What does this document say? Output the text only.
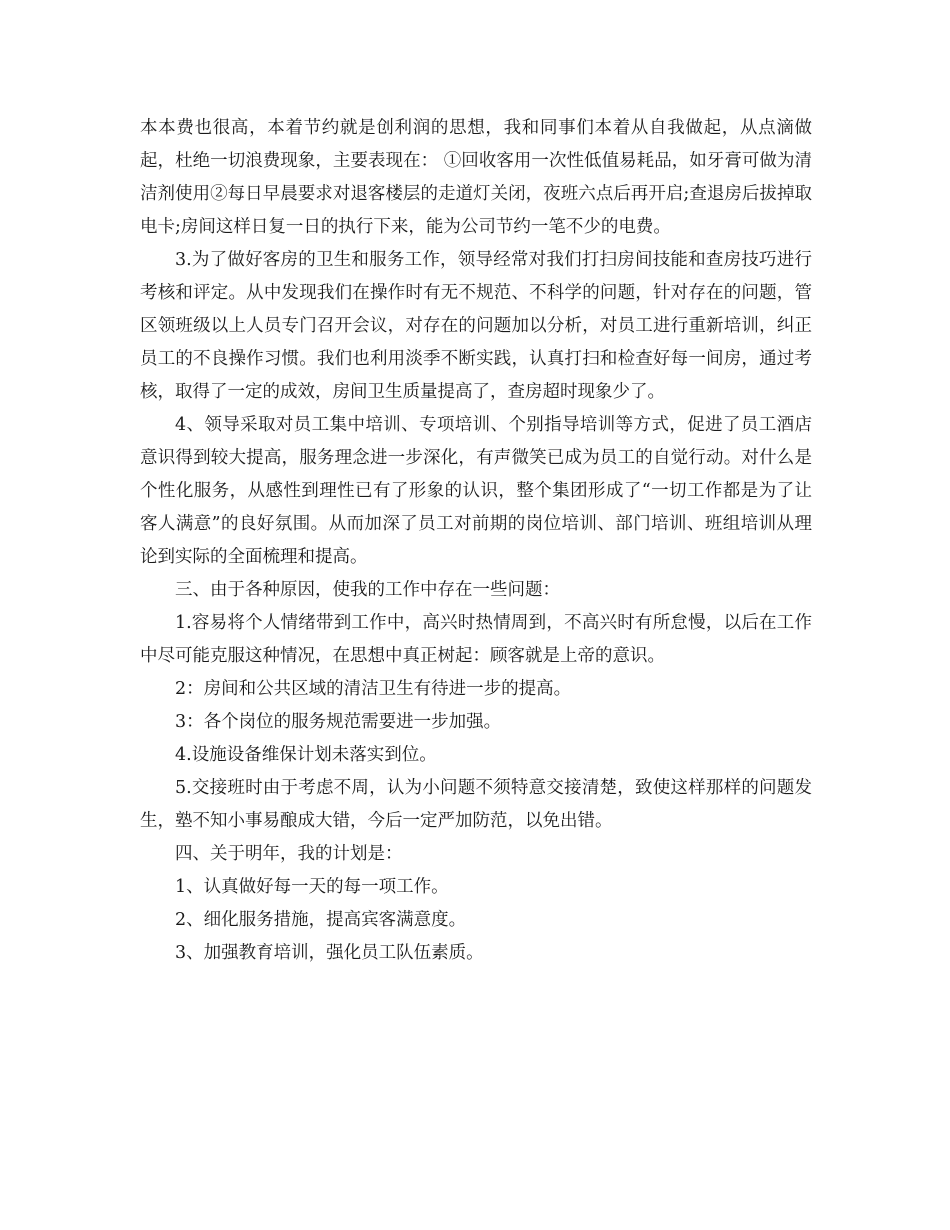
本本费也很高，本着节约就是创利润的思想，我和同事们本着从自我做起，从点滴做起，杜绝一切浪费现象，主要表现在： ①回收客用一次性低值易耗品，如牙膏可做为清洁剂使用②每日早晨要求对退客楼层的走道灯关闭，夜班六点后再开启;查退房后拔掉取电卡;房间这样日复一日的执行下来，能为公司节约一笔不少的电费。

3.为了做好客房的卫生和服务工作，领导经常对我们打扫房间技能和查房技巧进行考核和评定。从中发现我们在操作时有无不规范、不科学的问题，针对存在的问题，管区领班级以上人员专门召开会议，对存在的问题加以分析，对员工进行重新培训，纠正员工的不良操作习惯。我们也利用淡季不断实践，认真打扫和检查好每一间房，通过考核，取得了一定的成效，房间卫生质量提高了，查房超时现象少了。

4、领导采取对员工集中培训、专项培训、个别指导培训等方式，促进了员工酒店意识得到较大提高，服务理念进一步深化，有声微笑已成为员工的自觉行动。对什么是个性化服务，从感性到理性已有了形象的认识，整个集团形成了“一切工作都是为了让客人满意”的良好氛围。从而加深了员工对前期的岗位培训、部门培训、班组培训从理论到实际的全面梳理和提高。

三、由于各种原因，使我的工作中存在一些问题：

1.容易将个人情绪带到工作中，高兴时热情周到，不高兴时有所怠慢，以后在工作中尽可能克服这种情况，在思想中真正树起：顾客就是上帝的意识。

2：房间和公共区域的清洁卫生有待进一步的提高。

3：各个岗位的服务规范需要进一步加强。

4.设施设备维保计划未落实到位。

5.交接班时由于考虑不周，认为小问题不须特意交接清楚，致使这样那样的问题发生，塾不知小事易酿成大错，今后一定严加防范，以免出错。

四、关于明年，我的计划是：

1、认真做好每一天的每一项工作。

2、细化服务措施，提高宾客满意度。

3、加强教育培训，强化员工队伍素质。
